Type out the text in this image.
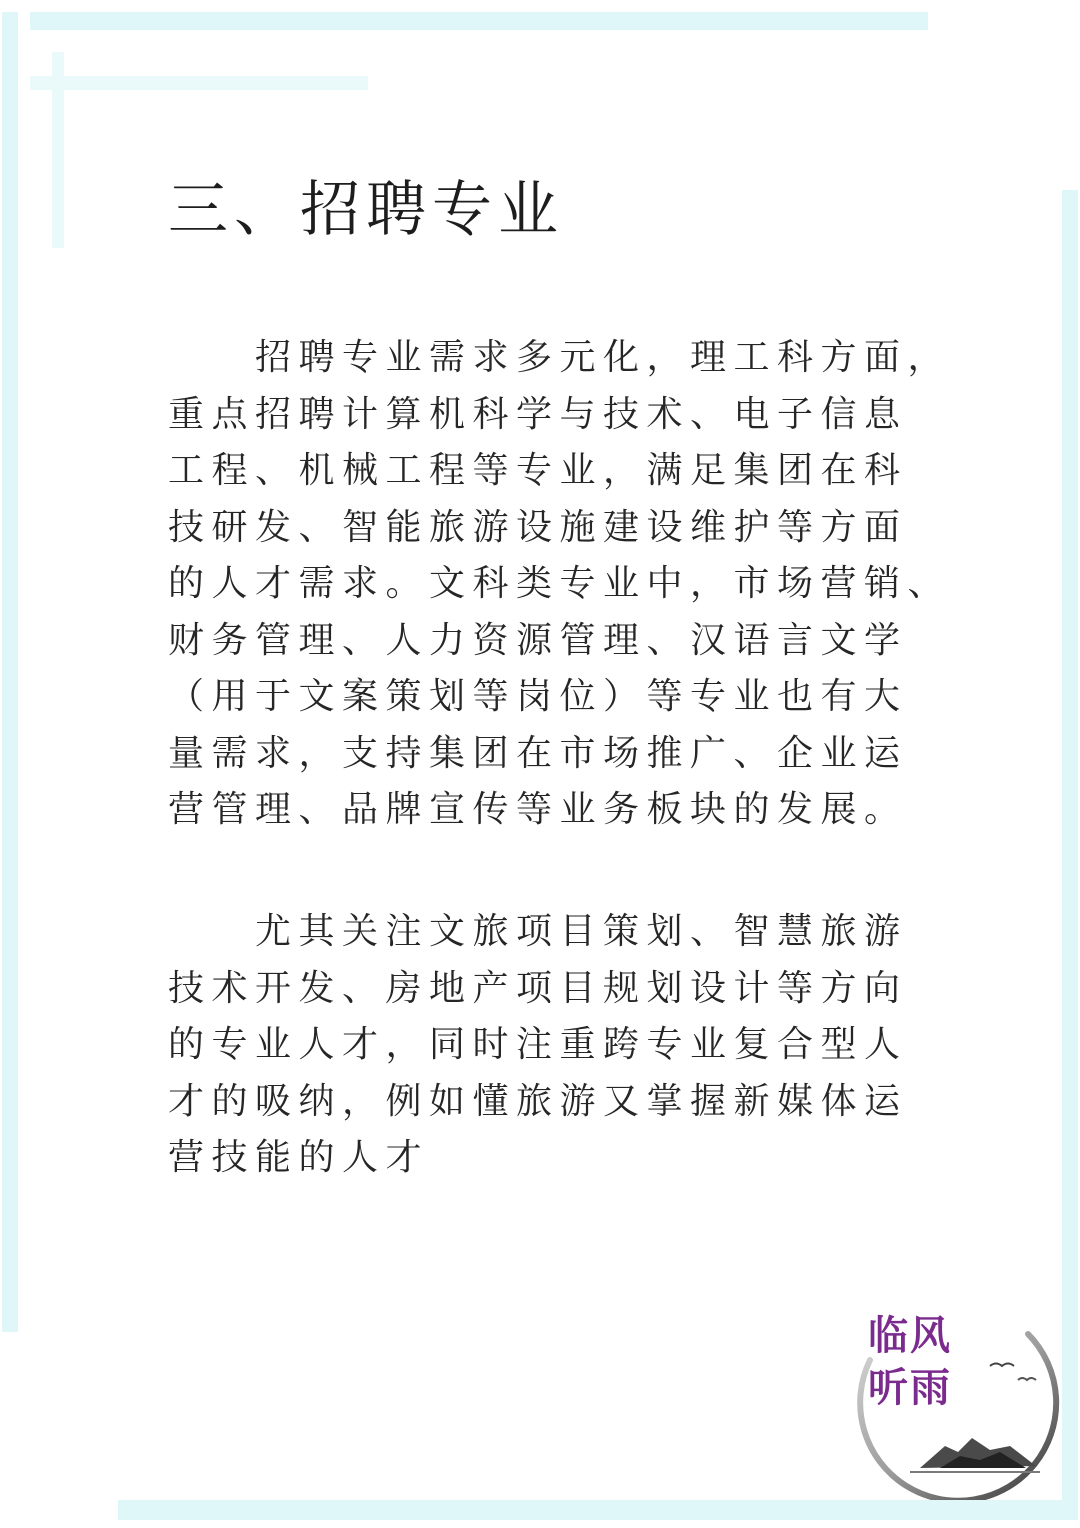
三、招聘专业
招聘专业需求多元化，理工科方面，
重点招聘计算机科学与技术、电子信息
工程、机械工程等专业，满足集团在科
技研发、智能旅游设施建设维护等方面
的人才需求。文科类专业中，市场营销、
财务管理、人力资源管理、汉语言文学
（用于文案策划等岗位）等专业也有大
量需求，支持集团在市场推广、企业运
营管理、品牌宣传等业务板块的发展。
尤其关注文旅项目策划、智慧旅游
技术开发、房地产项目规划设计等方向
的专业人才，同时注重跨专业复合型人
才的吸纳，例如懂旅游又掌握新媒体运
营技能的人才
临风
听雨
